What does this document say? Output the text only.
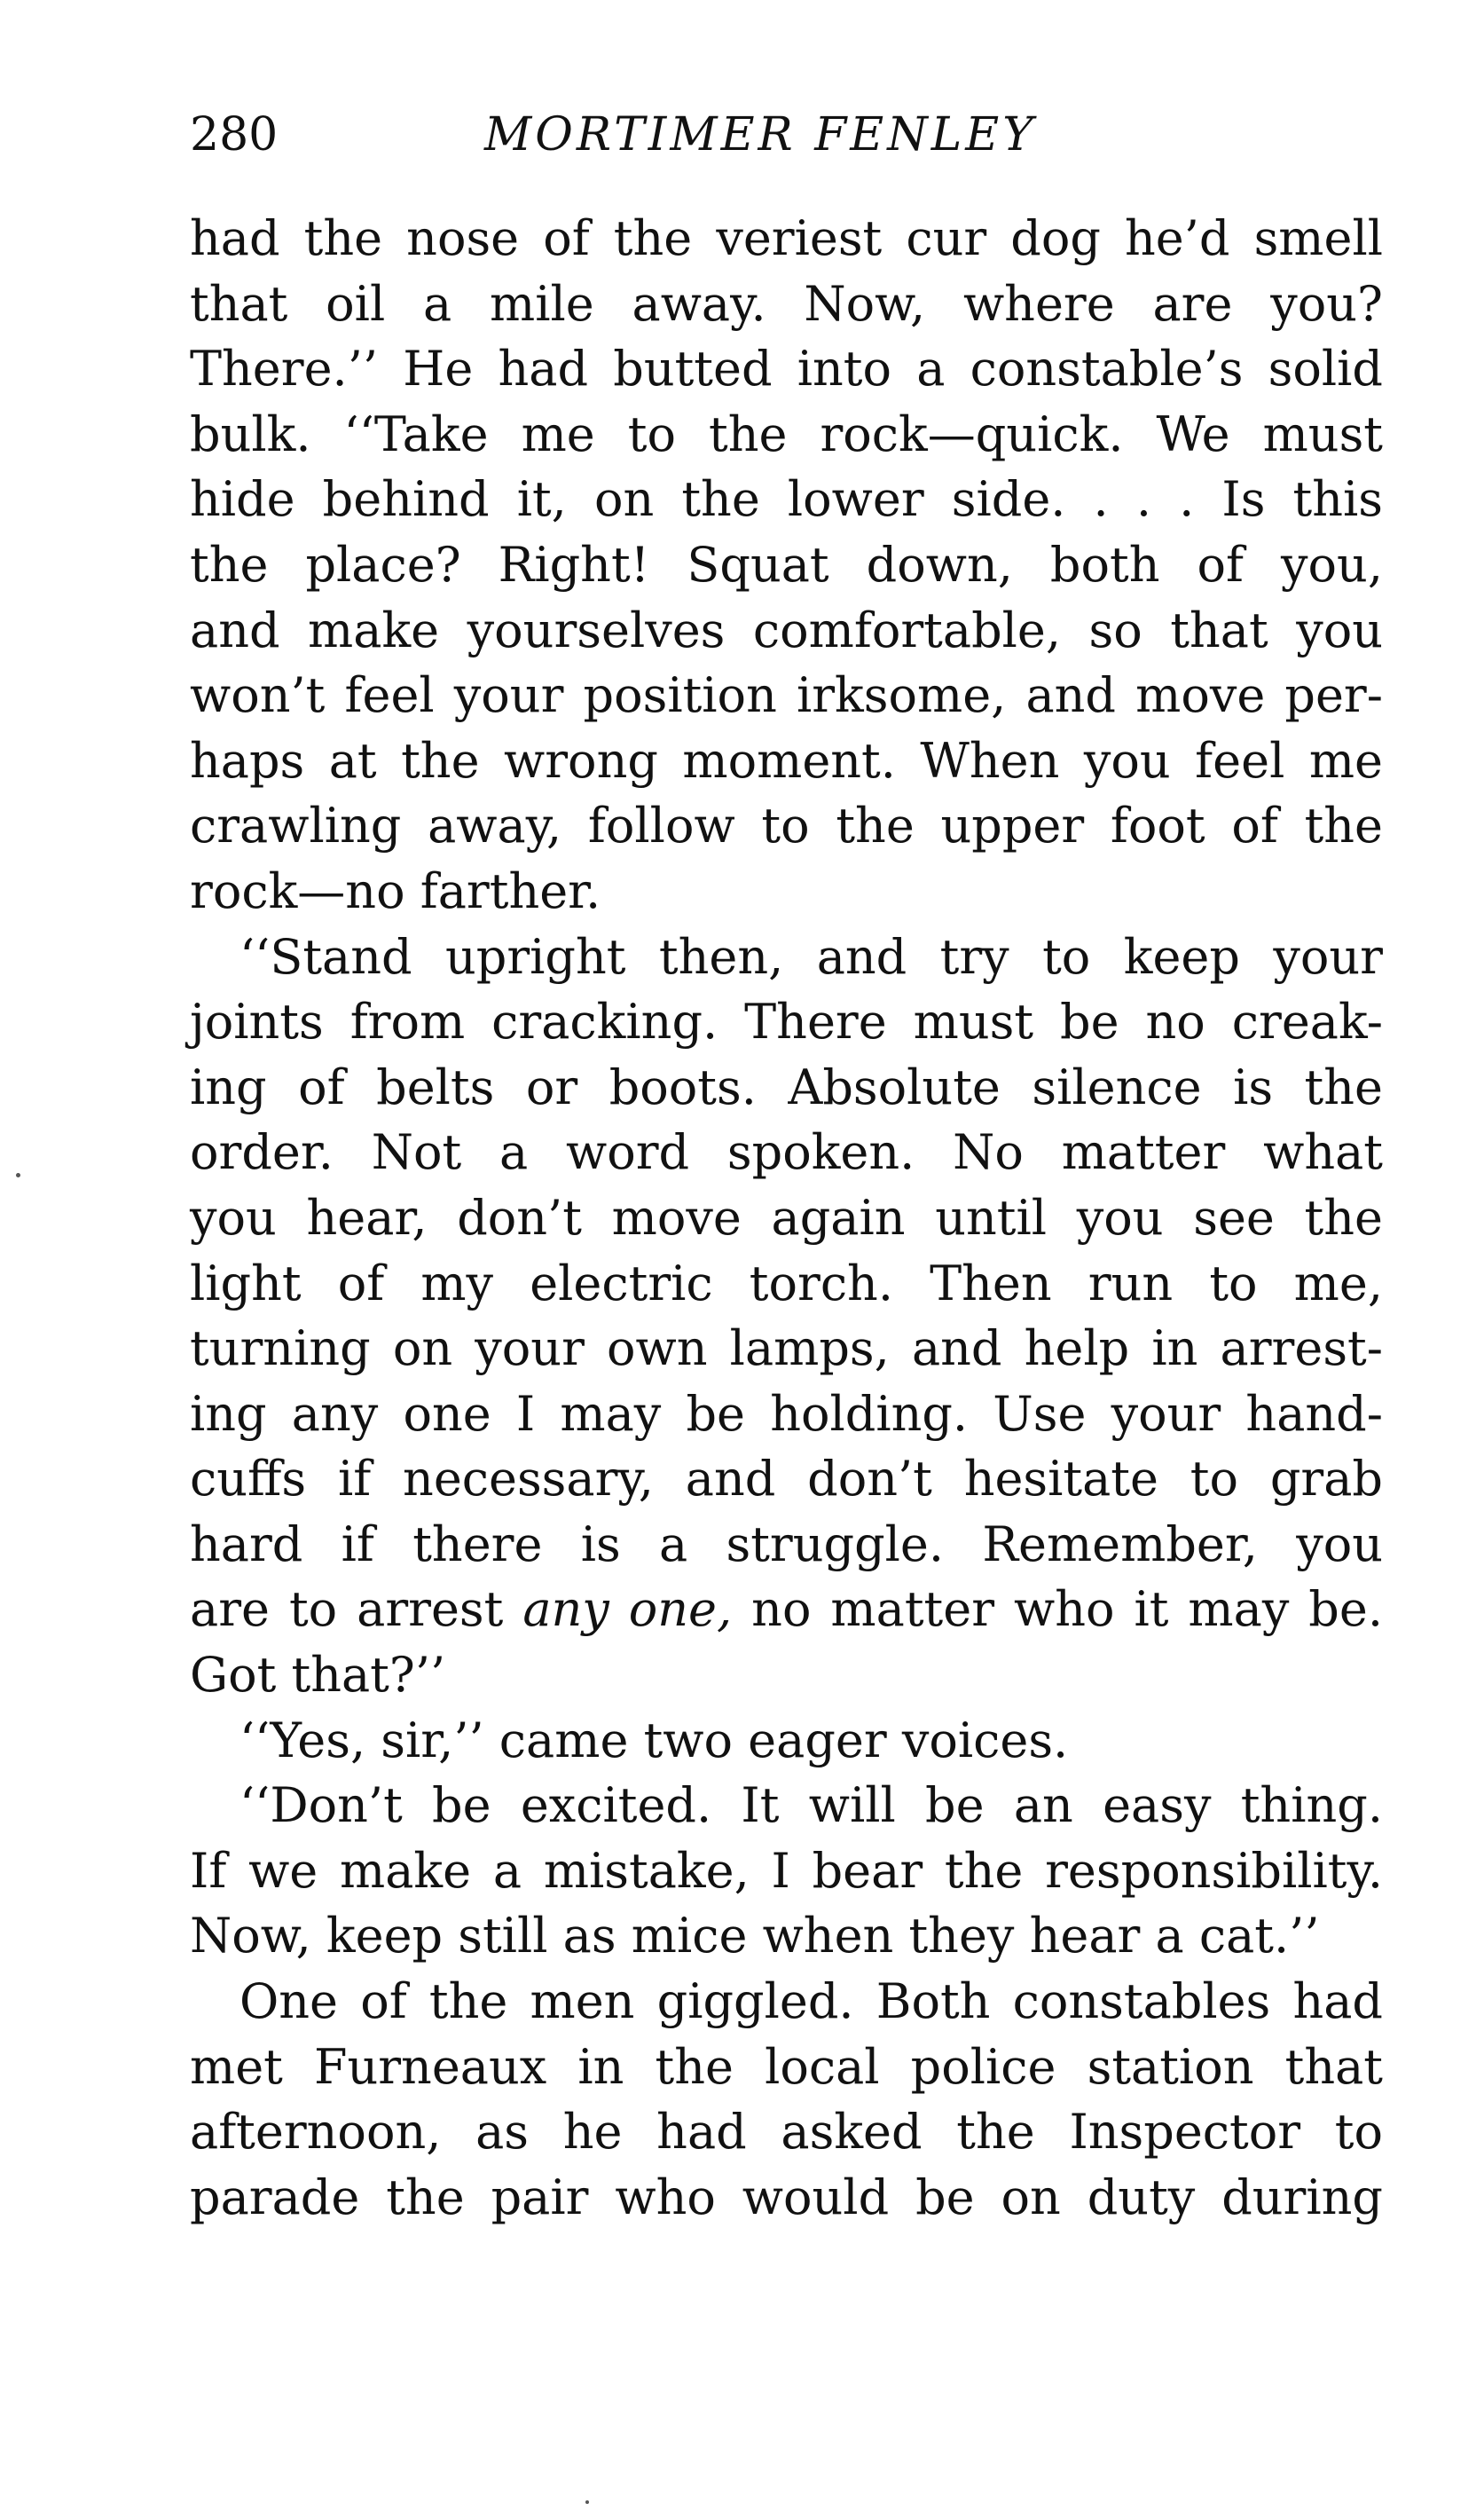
280	MORTIMER FENLEY
had the nose of the veriest cur dog he’d smell
that oil a mile away. Now, where are you?
There.’’ He had butted into a constable’s solid
bulk. ‘‘Take me to the rock—quick. We must
hide behind it, on the lower side. . . . Is this
the place? Right! Squat down, both of you,
and make yourselves comfortable, so that you
won’t feel your position irksome, and move per-
haps at the wrong moment. When you feel me
crawling away, follow to the upper foot of the
rock—no farther.
‘‘Stand upright then, and try to keep your
joints from cracking. There must be no creak-
ing of belts or boots. Absolute silence is the
order. Not a word spoken. No matter what
you hear, don’t move again until you see the
light of my electric torch. Then run to me,
turning on your own lamps, and help in arrest-
ing any one I may be holding. Use your hand-
cuffs if necessary, and don’t hesitate to grab
hard if there is a struggle. Remember, you
are to arrest any one, no matter who it may be.
Got that?’’
‘‘Yes, sir,’’ came two eager voices.
‘‘Don’t be excited. It will be an easy thing.
If we make a mistake, I bear the responsibility.
Now, keep still as mice when they hear a cat.’’
One of the men giggled. Both constables had
met Furneaux in the local police station that
afternoon, as he had asked the Inspector to
parade the pair who would be on duty during
